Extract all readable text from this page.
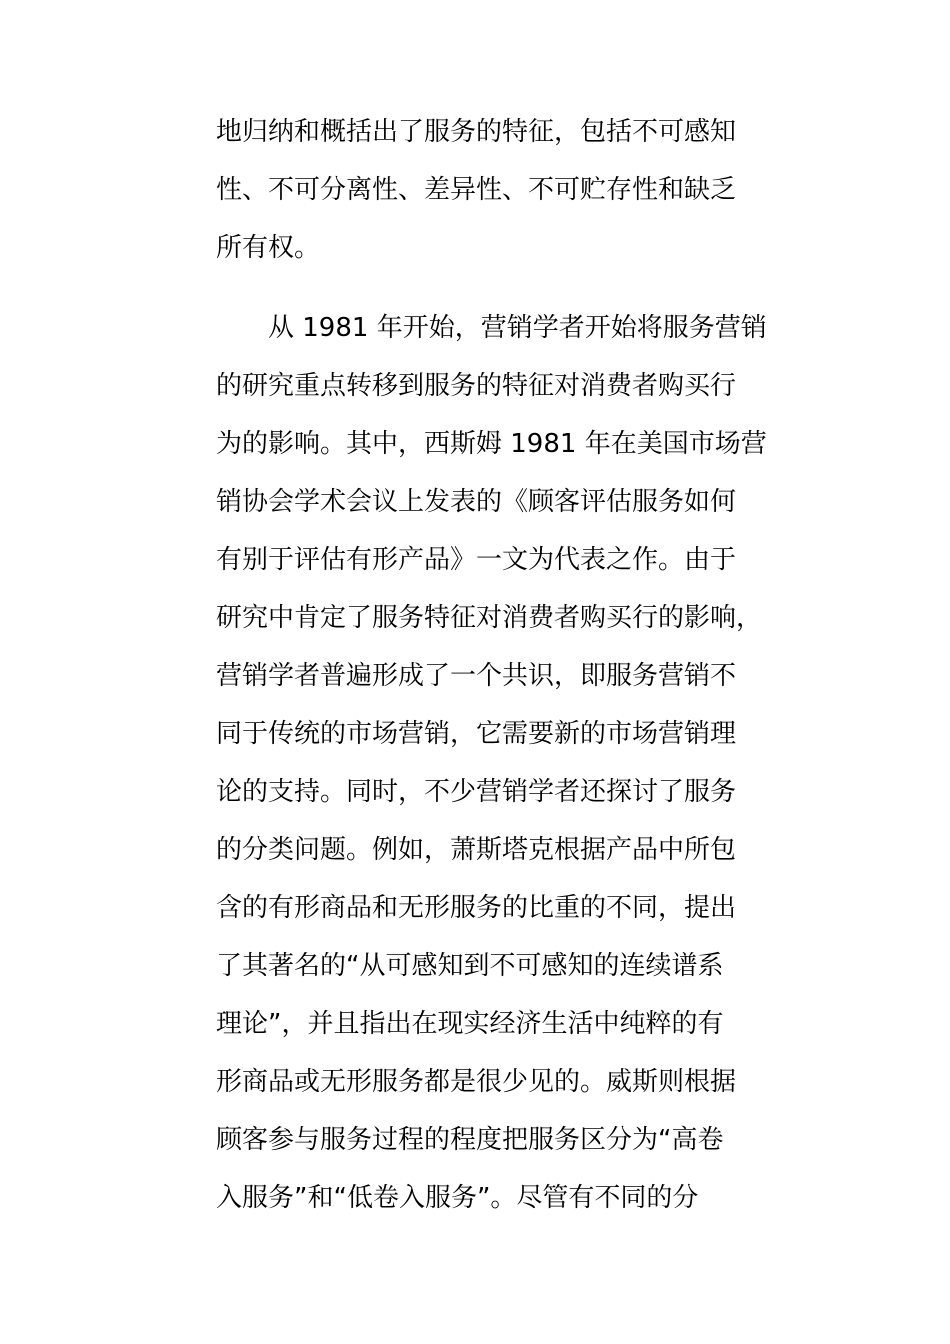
地归纳和概括出了服务的特征，包括不可感知
性、不可分离性、差异性、不可贮存性和缺乏
所有权。
从 1981 年开始，营销学者开始将服务营销
的研究重点转移到服务的特征对消费者购买行
为的影响。其中，西斯姆 1981 年在美国市场营
销协会学术会议上发表的《顾客评估服务如何
有别于评估有形产品》一文为代表之作。由于
研究中肯定了服务特征对消费者购买行的影响，
营销学者普遍形成了一个共识，即服务营销不
同于传统的市场营销，它需要新的市场营销理
论的支持。同时，不少营销学者还探讨了服务
的分类问题。例如，萧斯塔克根据产品中所包
含的有形商品和无形服务的比重的不同，提出
了其著名的“从可感知到不可感知的连续谱系
理论”，并且指出在现实经济生活中纯粹的有
形商品或无形服务都是很少见的。威斯则根据
顾客参与服务过程的程度把服务区分为“高卷
入服务”和“低卷入服务”。尽管有不同的分
